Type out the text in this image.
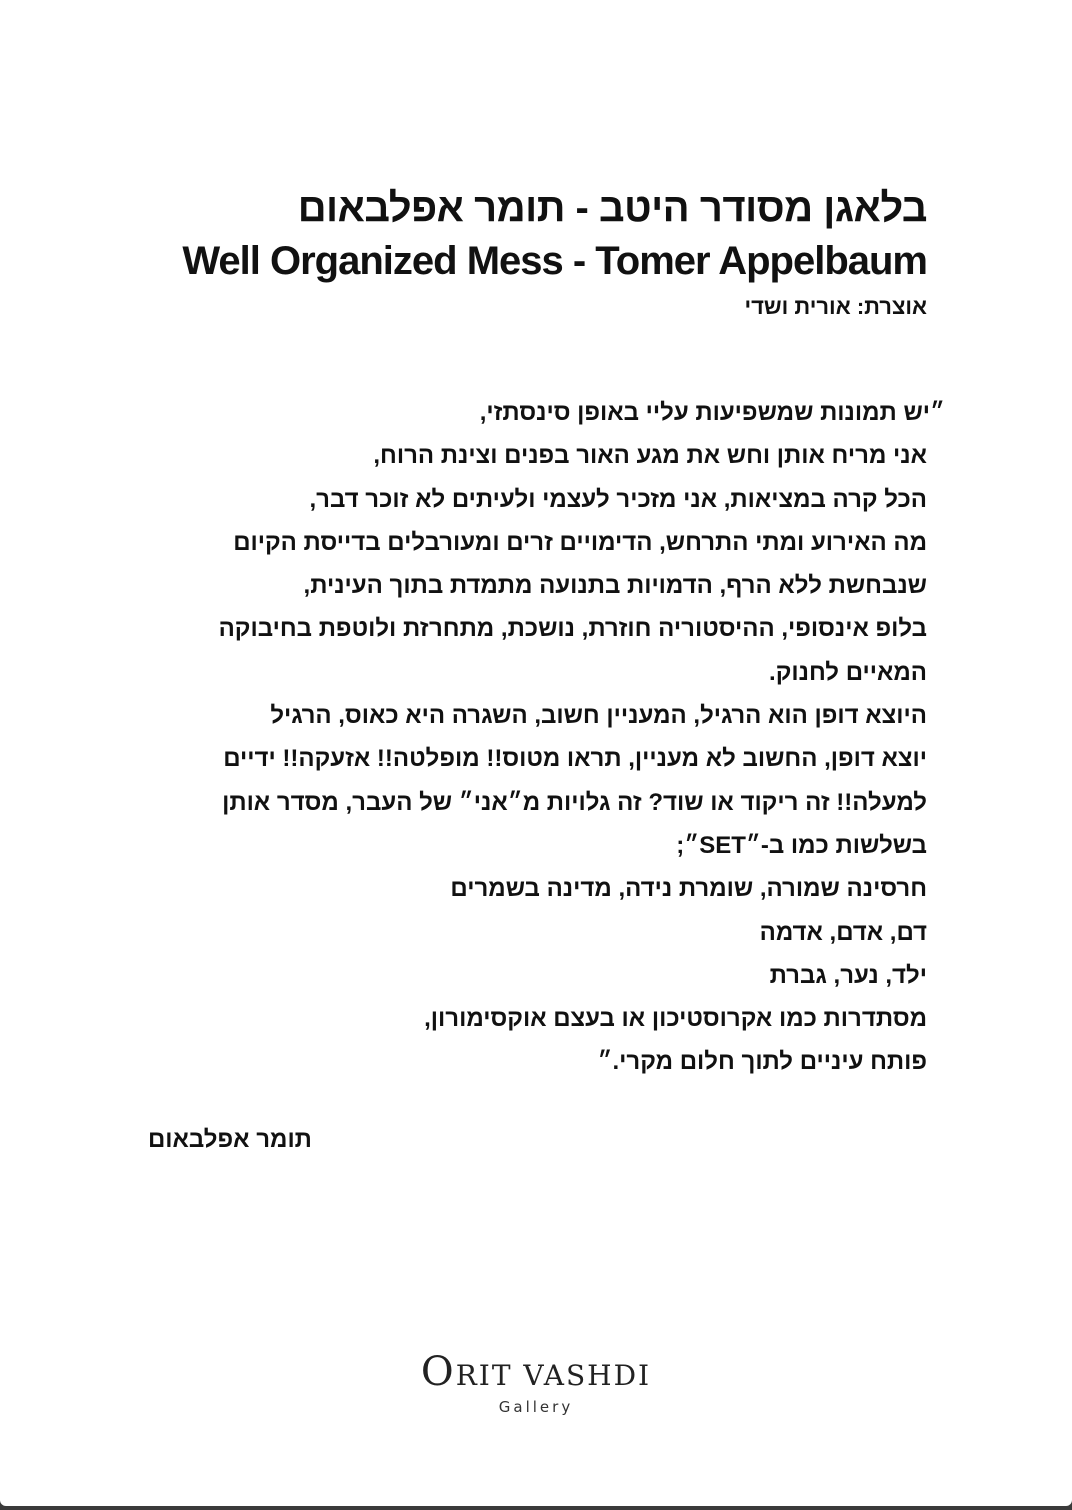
בלאגן מסודר היטב - תומר אפלבאום
Well Organized Mess - Tomer Appelbaum
אוצרת: אורית ושדי
״יש תמונות שמשפיעות עליי באופן סינסתזי,
אני מריח אותן וחש את מגע האור בפנים וצינת הרוח,
הכל קרה במציאות, אני מזכיר לעצמי ולעיתים לא זוכר דבר,
מה האירוע ומתי התרחש, הדימויים זרים ומעורבלים בדייסת הקיום
שנבחשת ללא הרף, הדמויות בתנועה מתמדת בתוך העינית,
בלופ אינסופי, ההיסטוריה חוזרת, נושכת, מתחרזת ולוטפת בחיבוקה
המאיים לחנוק.
היוצא דופן הוא הרגיל, המעניין חשוב, השגרה היא כאוס, הרגיל
יוצא דופן, החשוב לא מעניין, תראו מטוס!! מופלטה!! אזעקה!! ידיים
למעלה!! זה ריקוד או שוד? זה גלויות מ״אני״ של העבר, מסדר אותן
בשלשות כמו ב-״SET״;
חרסינה שמורה, שומרת נידה, מדינה בשמרים
דם, אדם, אדמה
ילד, נער, גברת
מסתדרות כמו אקרוסטיכון או בעצם אוקסימורון,
פותח עיניים לתוך חלום מקרי.״
תומר אפלבאום
ORIT VASHDI
Gallery
